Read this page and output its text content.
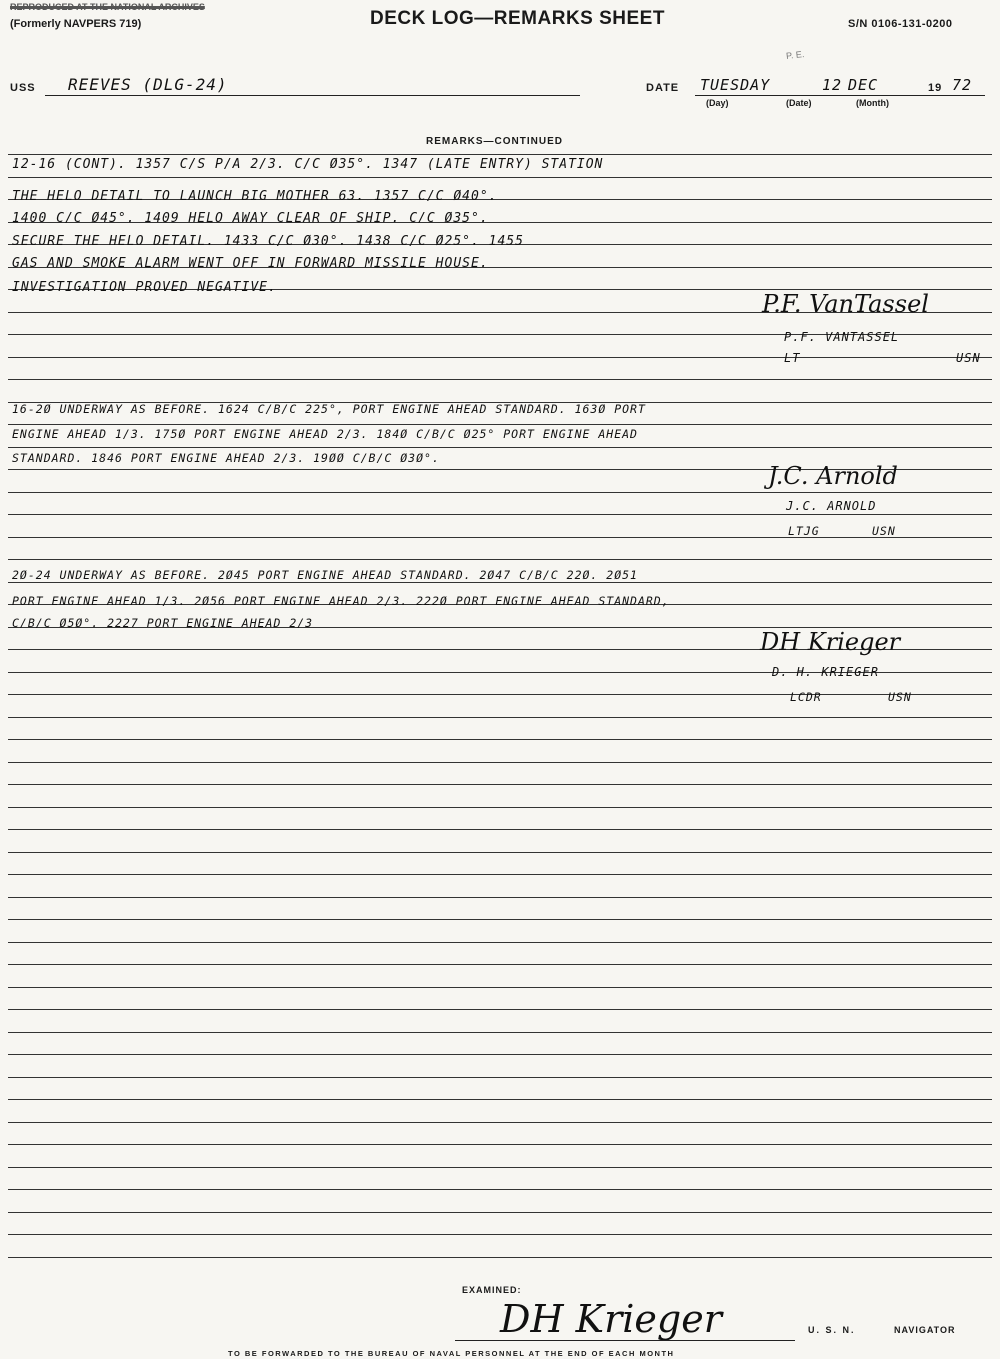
REPRODUCED AT THE NATIONAL ARCHIVES
(Formerly NAVPERS 719)	DECK LOG—REMARKS SHEET	S/N 0106-131-0200
P. E.
USS REEVES (DLG-24)	DATE TUESDAY	12 DEC	19 72
(Day)	(Date)	(Month)
REMARKS—CONTINUED
12-16 (CONT). 1357 C/S P/A 2/3. C/C Ø35°. 1347 (LATE ENTRY) STATION
THE HELO DETAIL TO LAUNCH BIG MOTHER 63. 1357 C/C Ø40°.
1400 C/C Ø45°. 1409 HELO AWAY CLEAR OF SHIP. C/C Ø35°.
SECURE THE HELO DETAIL. 1433 C/C Ø30°. 1438 C/C Ø25°. 1455
GAS AND SMOKE ALARM WENT OFF IN FORWARD MISSILE HOUSE.
INVESTIGATION PROVED NEGATIVE.
P.F. VanTassel
P.F. VANTASSEL
LT	USN
16-2Ø UNDERWAY AS BEFORE. 1624 C/B/C 225°, PORT ENGINE AHEAD STANDARD. 163Ø PORT
ENGINE AHEAD 1/3. 175Ø PORT ENGINE AHEAD 2/3. 184Ø C/B/C Ø25° PORT ENGINE AHEAD
STANDARD. 1846 PORT ENGINE AHEAD 2/3. 19ØØ C/B/C Ø3Ø°.
J.C. Arnold
J.C. ARNOLD
LTJG	USN
2Ø-24 UNDERWAY AS BEFORE. 2Ø45 PORT ENGINE AHEAD STANDARD. 2Ø47 C/B/C 22Ø. 2Ø51
PORT ENGINE AHEAD 1/3. 2Ø56 PORT ENGINE AHEAD 2/3. 222Ø PORT ENGINE AHEAD STANDARD,
C/B/C Ø5Ø°. 2227 PORT ENGINE AHEAD 2/3
DH Krieger
D. H. KRIEGER
LCDR	USN
EXAMINED:
DH Krieger	U. S. N.	NAVIGATOR
TO BE FORWARDED TO THE BUREAU OF NAVAL PERSONNEL AT THE END OF EACH MONTH
